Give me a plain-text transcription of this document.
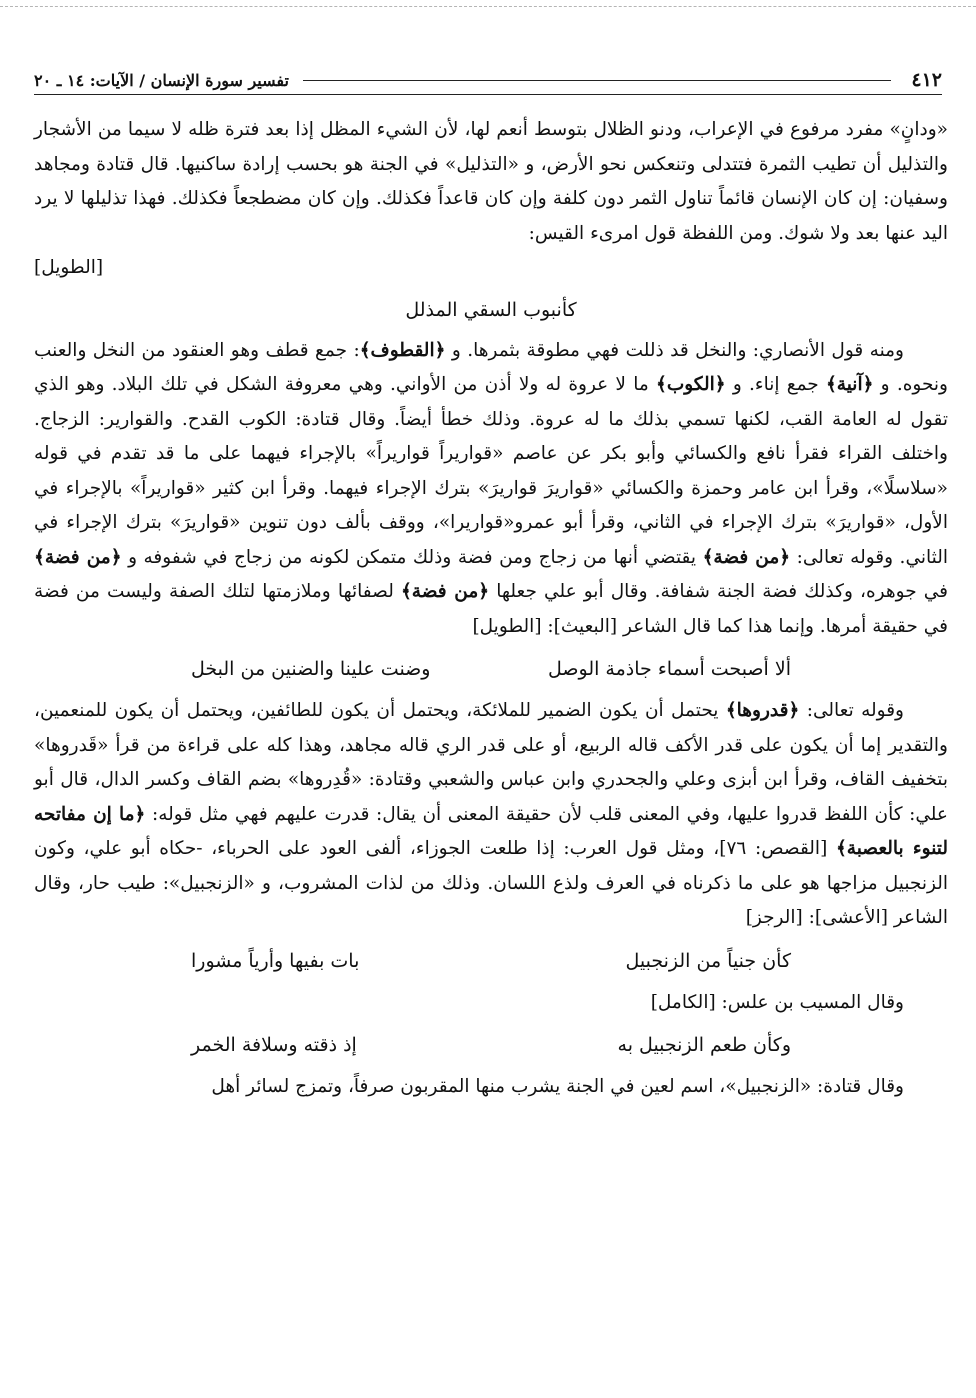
٤١٢
تفسير سورة الإنسان / الآيات: ١٤ ـ ٢٠

«ودانٍ» مفرد مرفوع في الإعراب، ودنو الظلال بتوسط أنعم لها، لأن الشيء المظل إذا بعد فترة ظله لا سيما من الأشجار والتذليل أن تطيب الثمرة فتتدلى وتنعكس نحو الأرض، و «التذليل» في الجنة هو بحسب إرادة ساكنيها. قال قتادة ومجاهد وسفيان: إن كان الإنسان قائماً تناول الثمر دون كلفة وإن كان قاعداً فكذلك. وإن كان مضطجعاً فكذلك. فهذا تذليلها لا يرد اليد عنها بعد ولا شوك. ومن اللفظة قول امرىء القيس:
[الطويل]

كأنبوب السقي المذلل

ومنه قول الأنصاري: والنخل قد ذللت فهي مطوقة بثمرها. و ﴿القطوف﴾: جمع قطف وهو العنقود من النخل والعنب ونحوه. و ﴿آنية﴾ جمع إناء. و ﴿الكوب﴾ ما لا عروة له ولا أذن من الأواني. وهي معروفة الشكل في تلك البلاد. وهو الذي تقول له العامة القب، لكنها تسمي بذلك ما له عروة. وذلك خطأ أيضاً. وقال قتادة: الكوب القدح. والقوارير: الزجاج. واختلف القراء فقرأ نافع والكسائي وأبو بكر عن عاصم «قواريراً قواريراً» بالإجراء فيهما على ما قد تقدم في قوله «سلاسلًا»، وقرأ ابن عامر وحمزة والكسائي «قواريرَ قواريرَ» بترك الإجراء فيهما. وقرأ ابن كثير «قواريراً» بالإجراء في الأول، «قواريرَ» بترك الإجراء في الثاني، وقرأ أبو عمرو«قواريرا»، ووقف بألف دون تنوين «قواريرَ» بترك الإجراء في الثاني. وقوله تعالى: ﴿من فضة﴾ يقتضي أنها من زجاج ومن فضة وذلك متمكن لكونه من زجاج في شفوفه و ﴿من فضة﴾ في جوهره، وكذلك فضة الجنة شفافة. وقال أبو علي جعلها ﴿من فضة﴾ لصفائها وملازمتها لتلك الصفة وليست من فضة في حقيقة أمرها. وإنما هذا كما قال الشاعر [البعيث]: [الطويل]

ألا أصبحت أسماء جاذمة الوصل
وضنت علينا والضنين من البخل

وقوله تعالى: ﴿قدروها﴾ يحتمل أن يكون الضمير للملائكة، ويحتمل أن يكون للطائفين، ويحتمل أن يكون للمنعمين، والتقدير إما أن يكون على قدر الأكف قاله الربيع، أو على قدر الري قاله مجاهد، وهذا كله على قراءة من قرأ «قَدروها» بتخفيف القاف، وقرأ ابن أبزى وعلي والجحدري وابن عباس والشعبي وقتادة: «قُدِروها» بضم القاف وكسر الدال، قال أبو علي: كأن اللفظ قدروا عليها، وفي المعنى قلب لأن حقيقة المعنى أن يقال: قدرت عليهم فهي مثل قوله: ﴿ما إن مفاتحه لتنوء بالعصبة﴾ [القصص: ٧٦]، ومثل قول العرب: إذا طلعت الجوزاء، ألفى العود على الحرباء، -حكاه أبو علي، وكون الزنجبيل مزاجها هو على ما ذكرناه في العرف ولذع اللسان. وذلك من لذات المشروب، و «الزنجبيل»: طيب حار، وقال الشاعر [الأعشى]: [الرجز]

كأن جنياً من الزنجبيل
بات بفيها وأرياً مشورا

وقال المسيب بن علس: [الكامل]

وكأن طعم الزنجبيل به
إذ ذقته وسلافة الخمر

وقال قتادة: «الزنجبيل»، اسم لعين في الجنة يشرب منها المقربون صرفاً، وتمزج لسائر أهل
